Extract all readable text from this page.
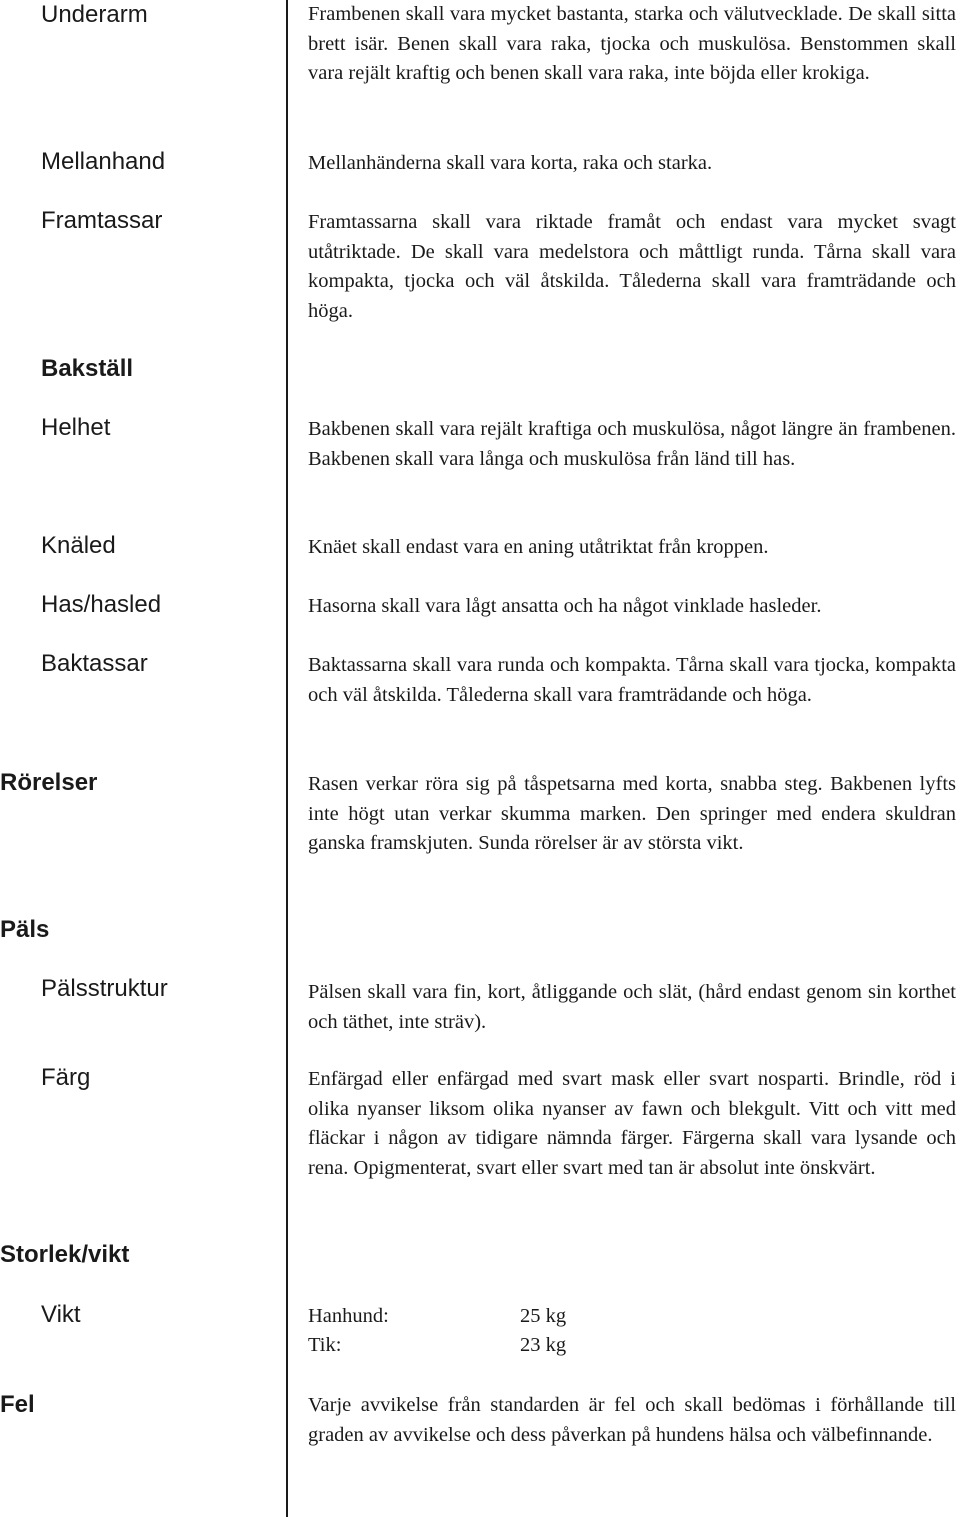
Underarm	Frambenen skall vara mycket bastanta, starka och välutvecklade. De skall sitta brett isär. Benen skall vara raka, tjocka och muskulösa. Benstommen skall vara rejält kraftig och benen skall vara raka, inte böjda eller krokiga.
Mellanhand	Mellanhänderna skall vara korta, raka och starka.
Framtassar	Framtassarna skall vara riktade framåt och endast vara mycket svagt utåtriktade. De skall vara medelstora och måttligt runda. Tårna skall vara kompakta, tjocka och väl åtskilda. Tålederna skall vara framträdande och höga.
Bakställ
Helhet	Bakbenen skall vara rejält kraftiga och muskulösa, något längre än frambenen. Bakbenen skall vara långa och muskulösa från länd till has.
Knäled	Knäet skall endast vara en aning utåtriktat från kroppen.
Has/hasled	Hasorna skall vara lågt ansatta och ha något vinklade hasleder.
Baktassar	Baktassarna skall vara runda och kompakta. Tårna skall vara tjocka, kompakta och väl åtskilda. Tålederna skall vara framträdande och höga.
Rörelser	Rasen verkar röra sig på tåspetsarna med korta, snabba steg. Bakbenen lyfts inte högt utan verkar skumma marken. Den springer med endera skuldran ganska framskjuten. Sunda rörelser är av största vikt.
Päls
Pälsstruktur	Pälsen skall vara fin, kort, åtliggande och slät, (hård endast genom sin korthet och täthet, inte sträv).
Färg	Enfärgad eller enfärgad med svart mask eller svart nosparti. Brindle, röd i olika nyanser liksom olika nyanser av fawn och blekgult. Vitt och vitt med fläckar i någon av tidigare nämnda färger. Färgerna skall vara lysande och rena. Opigmenterat, svart eller svart med tan är absolut inte önskvärt.
Storlek/vikt
Vikt	Hanhund:	25 kg
Tik:	23 kg
Fel	Varje avvikelse från standarden är fel och skall bedömas i förhållande till graden av avvikelse och dess påverkan på hundens hälsa och välbefinnande.
